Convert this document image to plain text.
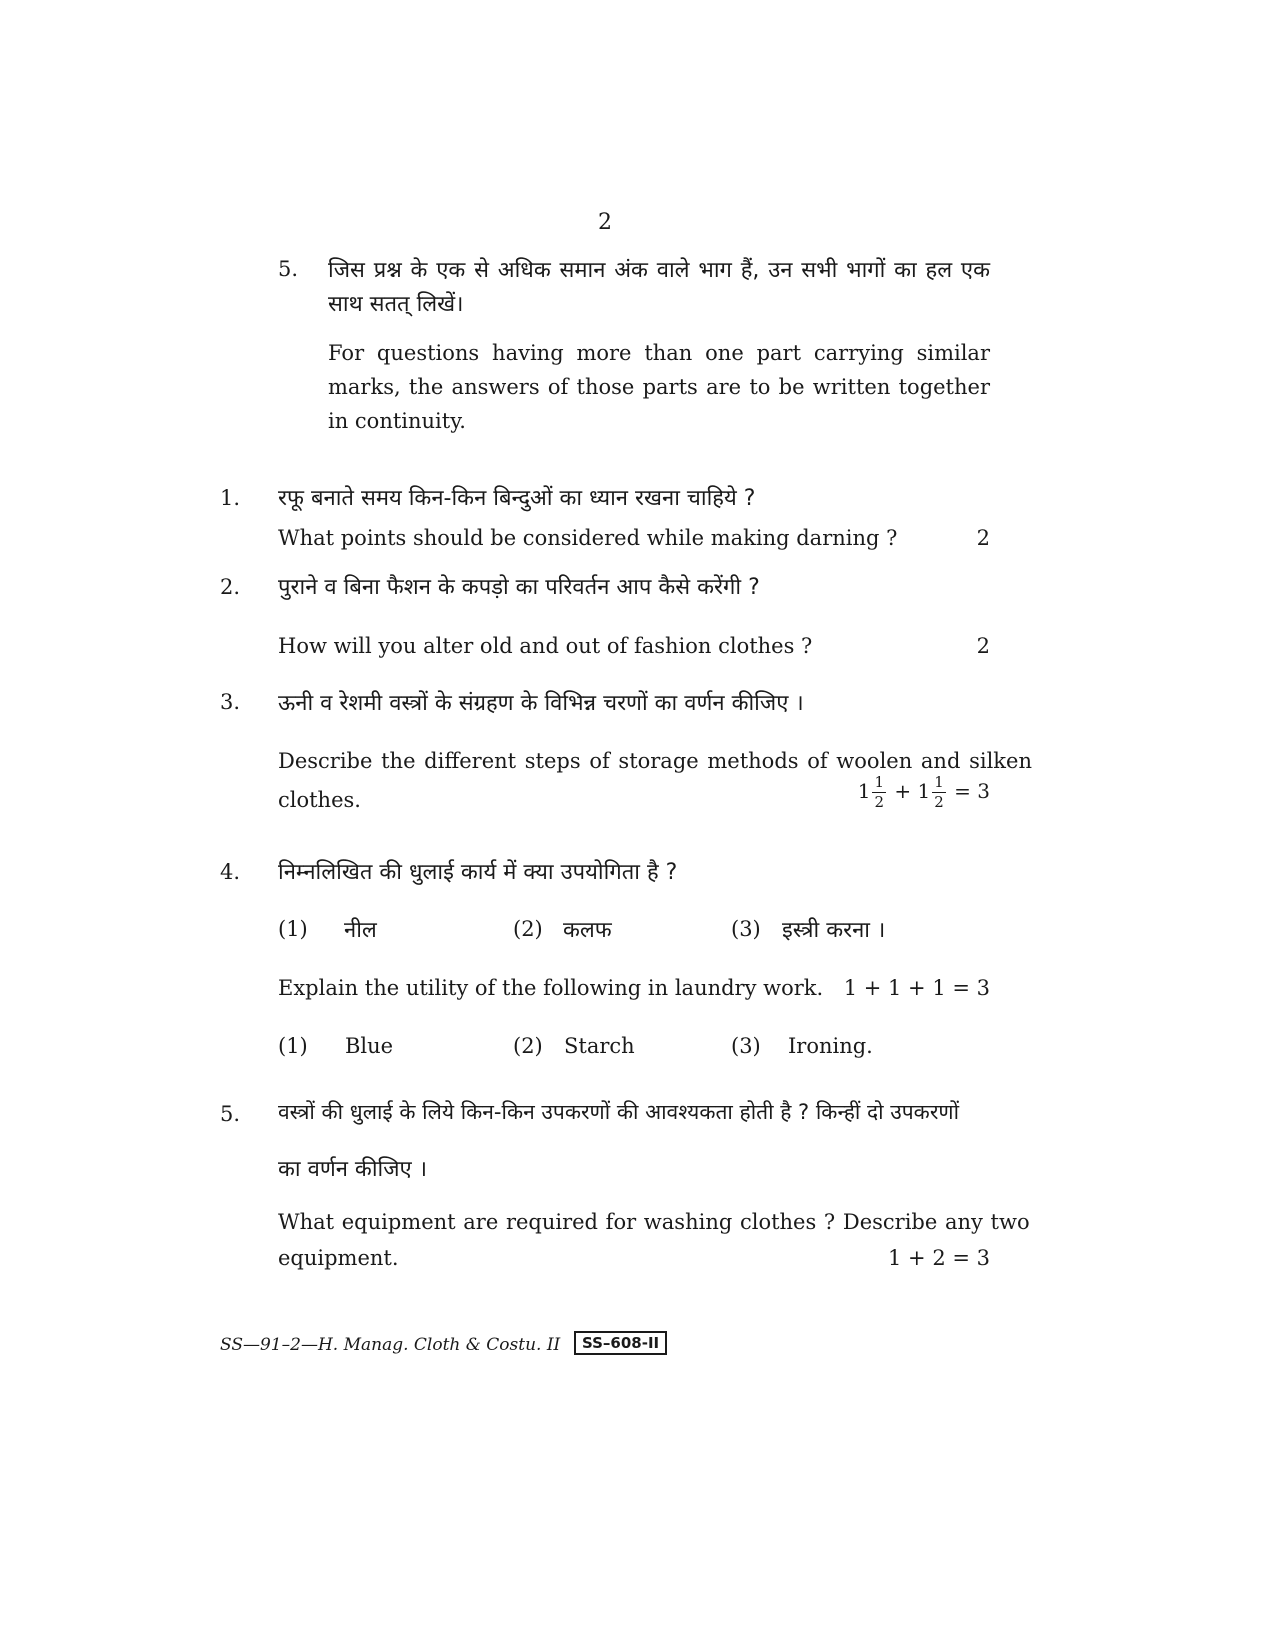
2
5. जिस प्रश्न के एक से अधिक समान अंक वाले भाग हैं, उन सभी भागों का हल एक साथ सतत् लिखें।
For questions having more than one part carrying similar marks, the answers of those parts are to be written together in continuity.
1. रफू बनाते समय किन-किन बिन्दुओं का ध्यान रखना चाहिये ?
What points should be considered while making darning ?	2
2. पुराने व बिना फैशन के कपड़ो का परिवर्तन आप कैसे करेंगी ?
How will you alter old and out of fashion clothes ?	2
3. ऊनी व रेशमी वस्त्रों के संग्रहण के विभिन्न चरणों का वर्णन कीजिए ।
Describe the different steps of storage methods of woolen and silken
clothes.	$1 \frac{1}{2} + 1 \frac{1}{2} = 3$
4. निम्नलिखित की धुलाई कार्य में क्या उपयोगिता है ?
(1) नील	(2) कलफ	(3) इस्त्री करना ।
Explain the utility of the following in laundry work. 1 + 1 + 1 = 3
(1) Blue	(2) Starch	(3) Ironing.
5. वस्त्रों की धुलाई के लिये किन-किन उपकरणों की आवश्यकता होती है ? किन्हीं दो उपकरणों
का वर्णन कीजिए ।
What equipment are required for washing clothes ? Describe any two
equipment.	1 + 2 = 3
SS—91–2—H. Manag. Cloth & Costu. II	SS–608-II
